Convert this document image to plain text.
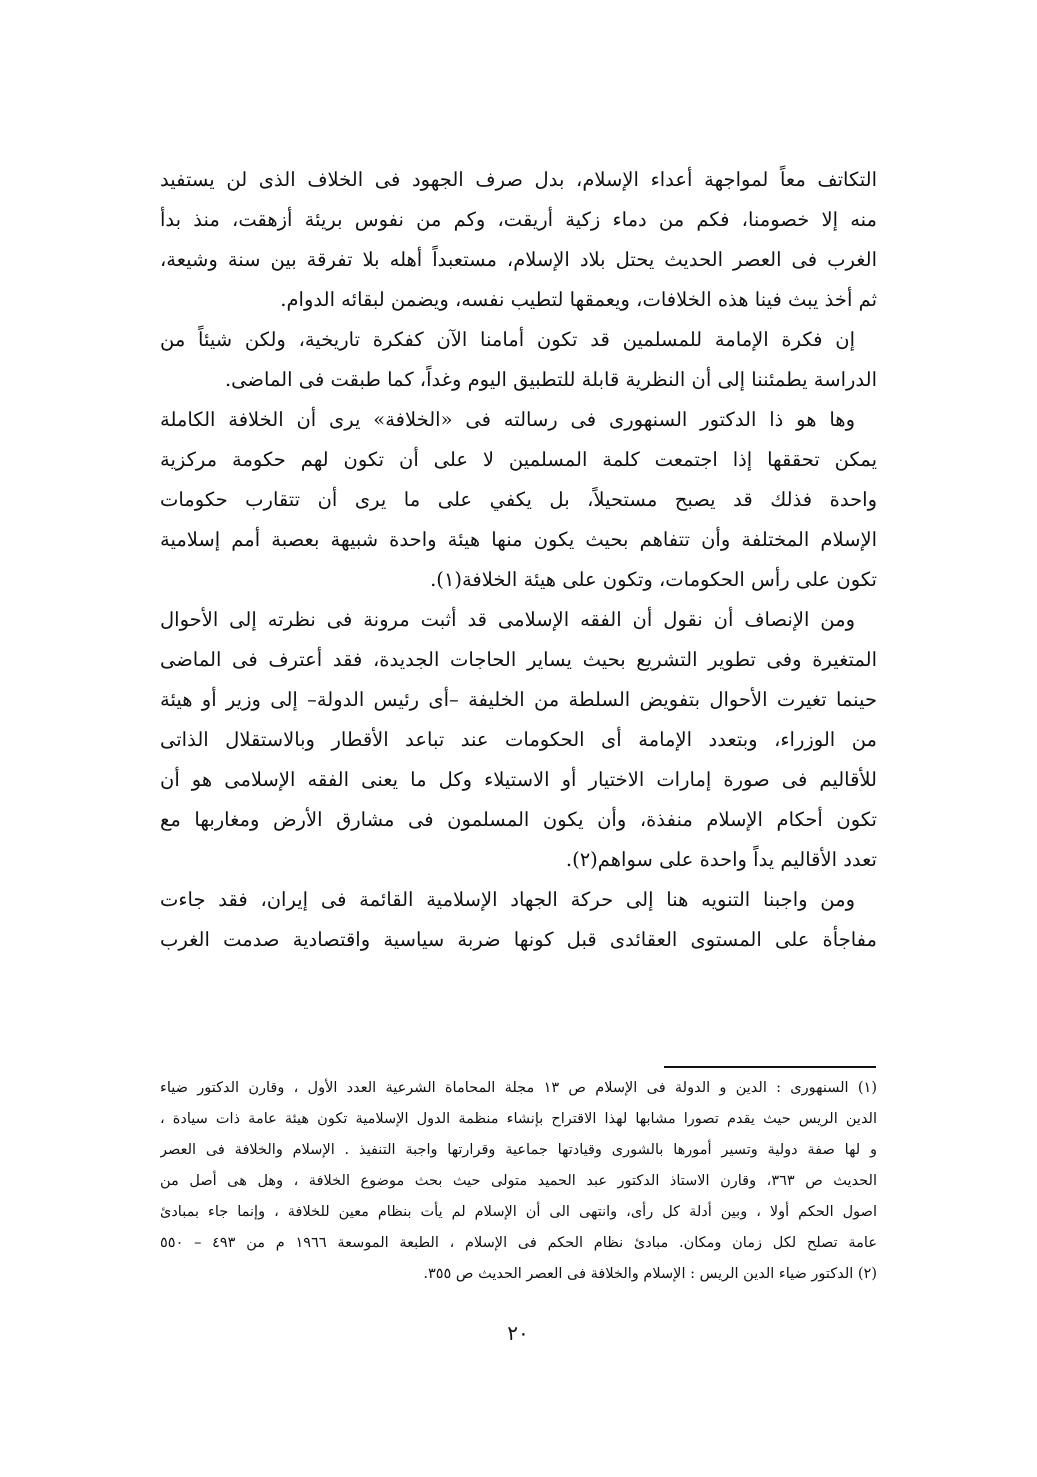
التكاتف معاً لمواجهة أعداء الإسلام، بدل صرف الجهود فى الخلاف الذى لن يستفيد
منه إلا خصومنا، فكم من دماء زكية أريقت، وكم من نفوس بريئة أزهقت، منذ بدأ
الغرب فى العصر الحديث يحتل بلاد الإسلام، مستعبداً أهله بلا تفرقة بين سنة وشيعة،
ثم أخذ يبث فينا هذه الخلافات، ويعمقها لتطيب نفسه، ويضمن لبقائه الدوام.
إن فكرة الإمامة للمسلمين قد تكون أمامنا الآن كفكرة تاريخية، ولكن شيئاً من
الدراسة يطمئننا إلى أن النظرية قابلة للتطبيق اليوم وغداً، كما طبقت فى الماضى.
وها هو ذا الدكتور السنهورى فى رسالته فى «الخلافة» يرى أن الخلافة الكاملة
يمكن تحققها إذا اجتمعت كلمة المسلمين لا على أن تكون لهم حكومة مركزية
واحدة فذلك قد يصبح مستحيلاً، بل يكفي على ما يرى أن تتقارب حكومات
الإسلام المختلفة وأن تتفاهم بحيث يكون منها هيئة واحدة شبيهة بعصبة أمم إسلامية
تكون على رأس الحكومات، وتكون على هيئة الخلافة(١).
ومن الإنصاف أن نقول أن الفقه الإسلامى قد أثبت مرونة فى نظرته إلى الأحوال
المتغيرة وفى تطوير التشريع بحيث يساير الحاجات الجديدة، فقد أعترف فى الماضى
حينما تغيرت الأحوال بتفويض السلطة من الخليفة –أى رئيس الدولة– إلى وزير أو هيئة
من الوزراء، وبتعدد الإمامة أى الحكومات عند تباعد الأقطار وبالاستقلال الذاتى
للأقاليم فى صورة إمارات الاختيار أو الاستيلاء وكل ما يعنى الفقه الإسلامى هو أن
تكون أحكام الإسلام منفذة، وأن يكون المسلمون فى مشارق الأرض ومغاربها مع
تعدد الأقاليم يداً واحدة على سواهم(٢).
ومن واجبنا التنويه هنا إلى حركة الجهاد الإسلامية القائمة فى إيران، فقد جاءت
مفاجأة على المستوى العقائدى قبل كونها ضربة سياسية واقتصادية صدمت الغرب
(١) السنهورى : الدين و الدولة فى الإسلام ص ١٣ مجلة المحاماة الشرعية العدد الأول ، وقارن الدكتور ضياء
الدين الريس حيث يقدم تصورا مشابها لهذا الاقتراح بإنشاء منظمة الدول الإسلامية تكون هيئة عامة ذات سيادة ،
و لها صفة دولية وتسير أمورها بالشورى وقيادتها جماعية وقرارتها واجبة التنفيذ . الإسلام والخلافة فى العصر
الحديث ص ٣٦٣، وقارن الاستاذ الدكتور عبد الحميد متولى حيث بحث موضوع الخلافة ، وهل هى أصل من
اصول الحكم أولا ، وبين أدلة كل رأى، وانتهى الى أن الإسلام لم يأت بنظام معين للخلافة ، وإنما جاء بمبادئ
عامة تصلح لكل زمان ومكان. مبادئ نظام الحكم فى الإسلام ، الطبعة الموسعة ١٩٦٦ م من ٤٩٣ – ٥٥٠
(٢) الدكتور ضياء الدين الريس : الإسلام والخلافة فى العصر الحديث ص ٣٥٥.
٢٠
